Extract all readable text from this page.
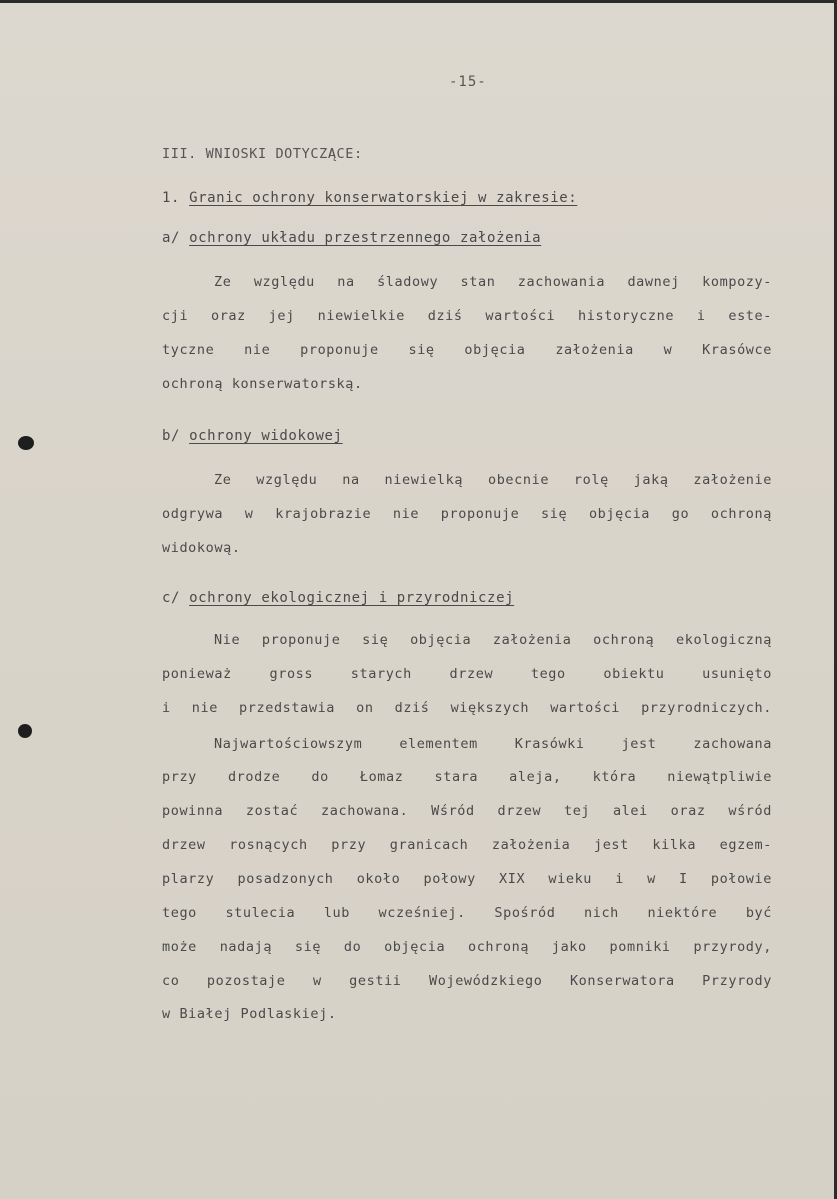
-15-
III. WNIOSKI DOTYCZĄCE:
1. Granic ochrony konserwatorskiej w zakresie:
a/ ochrony układu przestrzennego założenia
Ze względu na śladowy stan zachowania dawnej kompozy-
cji oraz jej niewielkie dziś wartości historyczne i este-
tyczne nie proponuje się objęcia założenia w Krasówce
ochroną konserwatorską.
b/ ochrony widokowej
Ze względu na niewielką obecnie rolę jaką założenie
odgrywa w krajobrazie nie proponuje się objęcia go ochroną
widokową.
c/ ochrony ekologicznej i przyrodniczej
Nie proponuje się objęcia założenia ochroną ekologiczną
ponieważ gross starych drzew tego obiektu usunięto
i nie przedstawia on dziś większych wartości przyrodniczych.
Najwartościowszym elementem Krasówki jest zachowana
przy drodze do Łomaz stara aleja, która niewątpliwie
powinna zostać zachowana. Wśród drzew tej alei oraz wśród
drzew rosnących przy granicach założenia jest kilka egzem-
plarzy posadzonych około połowy XIX wieku i w I połowie
tego stulecia lub wcześniej. Spośród nich niektóre być
może nadają się do objęcia ochroną jako pomniki przyrody,
co pozostaje w gestii Wojewódzkiego Konserwatora Przyrody
w Białej Podlaskiej.
